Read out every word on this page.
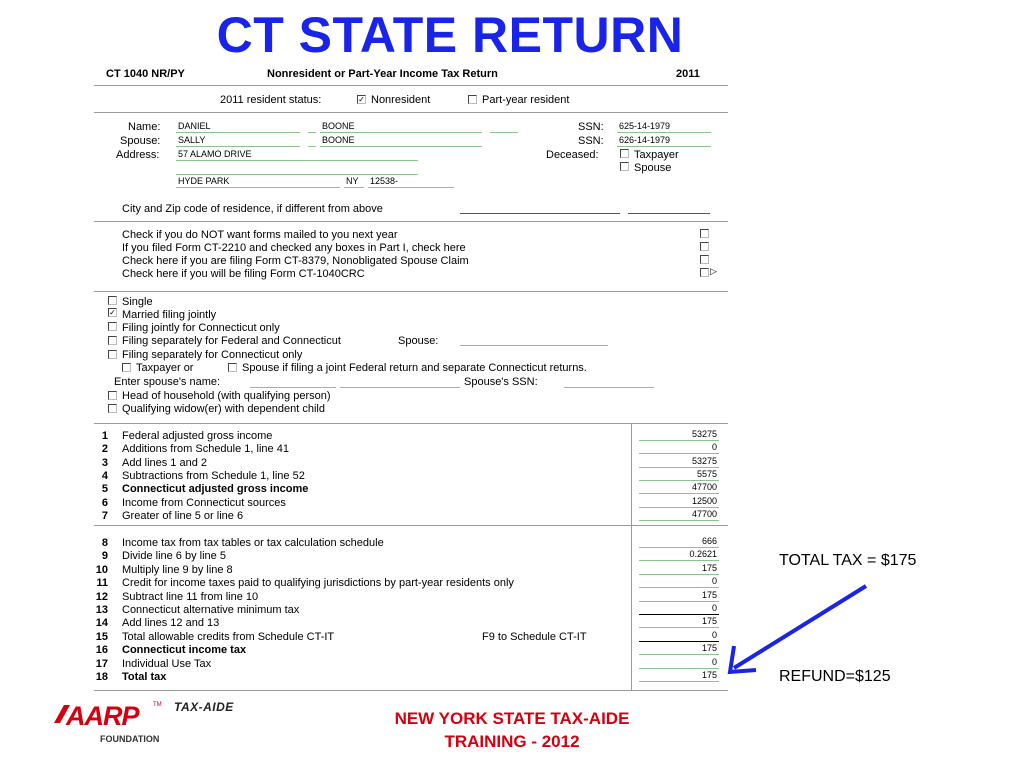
CT STATE RETURN
CT 1040 NR/PY	Nonresident or Part-Year Income Tax Return	2011
2011 resident status:	✓ Nonresident	Part-year resident
Name: DANIEL	BOONE	SSN: 625-14-1979
Spouse: SALLY	BOONE	SSN: 626-14-1979
Address: 57 ALAMO DRIVE	Deceased:	Taxpayer
Spouse
HYDE PARK	NY	12538-
City and Zip code of residence, if different from above
Check if you do NOT want forms mailed to you next year
If you filed Form CT-2210 and checked any boxes in Part I, check here
Check here if you are filing Form CT-8379, Nonobligated Spouse Claim
Check here if you will be filing Form CT-1040CRC	▷
Single
✓ Married filing jointly
Filing jointly for Connecticut only
Filing separately for Federal and Connecticut	Spouse:
Filing separately for Connecticut only
Taxpayer or	Spouse if filing a joint Federal return and separate Connecticut returns.
Enter spouse's name:	Spouse's SSN:
Head of household (with qualifying person)
Qualifying widow(er) with dependent child
1 Federal adjusted gross income	53275
2 Additions from Schedule 1, line 41	0
3 Add lines 1 and 2	53275
4 Subtractions from Schedule 1, line 52	5575
5 Connecticut adjusted gross income	47700
6 Income from Connecticut sources	12500
7 Greater of line 5 or line 6	47700
8 Income tax from tax tables or tax calculation schedule	666
9 Divide line 6 by line 5	0.2621
10 Multiply line 9 by line 8	175
11 Credit for income taxes paid to qualifying jurisdictions by part-year residents only	0
12 Subtract line 11 from line 10	175
13 Connecticut alternative minimum tax	0
14 Add lines 12 and 13	175
15 Total allowable credits from Schedule CT-IT	0
16 Connecticut income tax	175
17 Individual Use Tax	0
18 Total tax	175
F9 to Schedule CT-IT
TOTAL TAX = $175
REFUND=$125
AARP TM
FOUNDATION
TAX-AIDE
NEW YORK STATE TAX-AIDE
TRAINING - 2012
